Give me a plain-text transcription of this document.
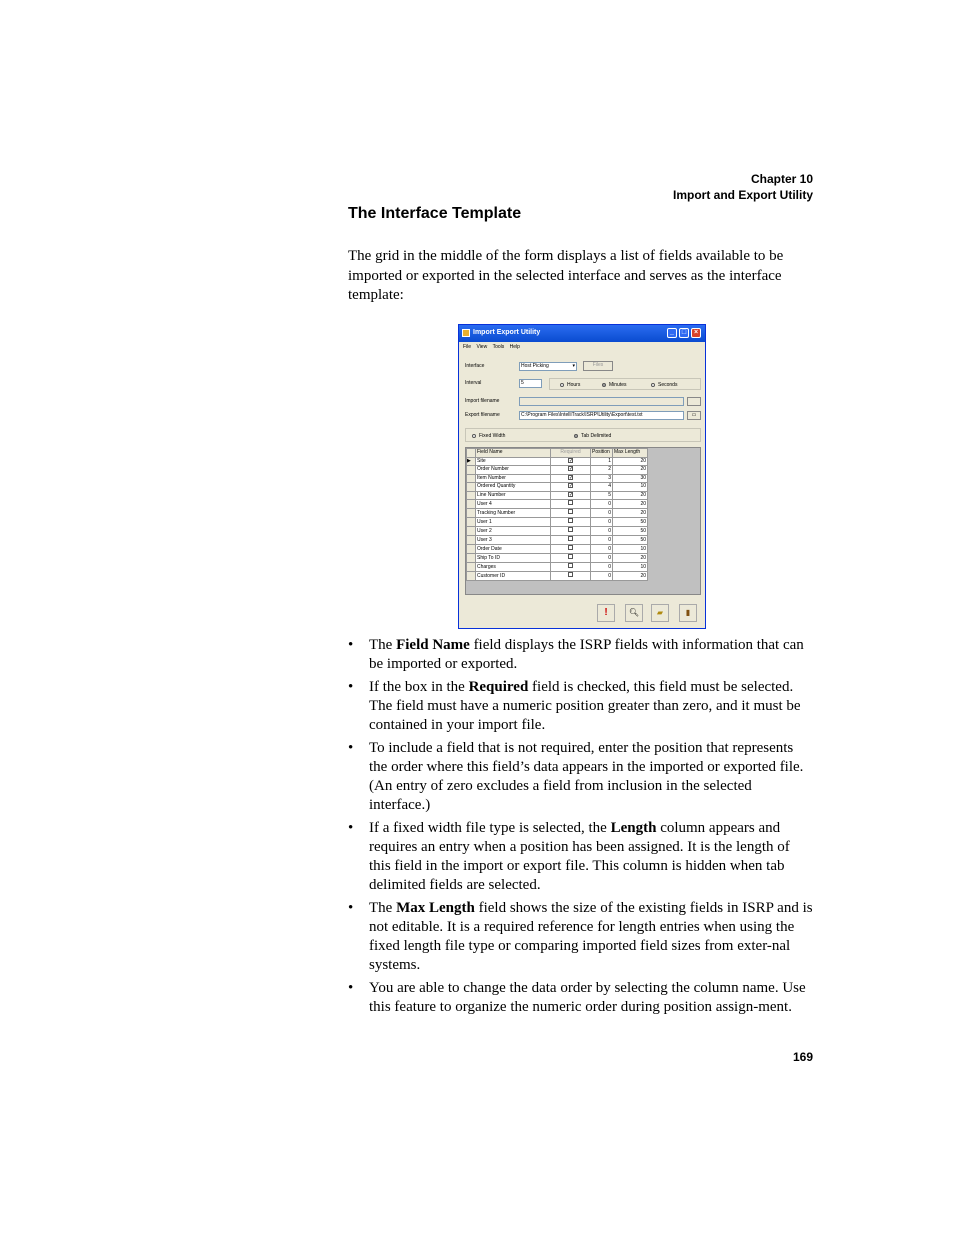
Chapter 10
Import and Export Utility
The Interface Template
The grid in the middle of the form displays a list of fields available to be imported or exported in the selected interface and serves as the interface template:
Import Export Utility	_	□	×
File View Tools Help
Interface	Host Picking	▾	Files
Interval	5	Hours	Minutes	Seconds
Import filename
Export filename	C:\Program Files\IntelliTrack\ISRP\Utility\Export\test.txt	▭
Fixed Width	Tab Delimited
	Field Name	Required	Position	Max Length
▶	Site	✓	1	20
	Order Number	✓	2	20
	Item Number	✓	3	30
	Ordered Quantity	✓	4	10
	Line Number	✓	5	20
	User 4		0	20
	Tracking Number		0	20
	User 1		0	50
	User 2		0	50
	User 3		0	50
	Order Date		0	10
	Ship To ID		0	20
	Charges		0	10
	Customer ID		0	20
!	🔍︎	▰	▮
• The Field Name field displays the ISRP fields with information that can be imported or exported.
• If the box in the Required field is checked, this field must be selected. The field must have a numeric position greater than zero, and it must be contained in your import file.
• To include a field that is not required, enter the position that represents the order where this field’s data appears in the imported or exported file. (An entry of zero excludes a field from inclusion in the selected interface.)
• If a fixed width file type is selected, the Length column appears and requires an entry when a position has been assigned. It is the length of this field in the import or export file. This column is hidden when tab delimited fields are selected.
• The Max Length field shows the size of the existing fields in ISRP and is not editable. It is a required reference for length entries when using the fixed length file type or comparing imported field sizes from exter-nal systems.
• You are able to change the data order by selecting the column name. Use this feature to organize the numeric order during position assign-ment.
169
